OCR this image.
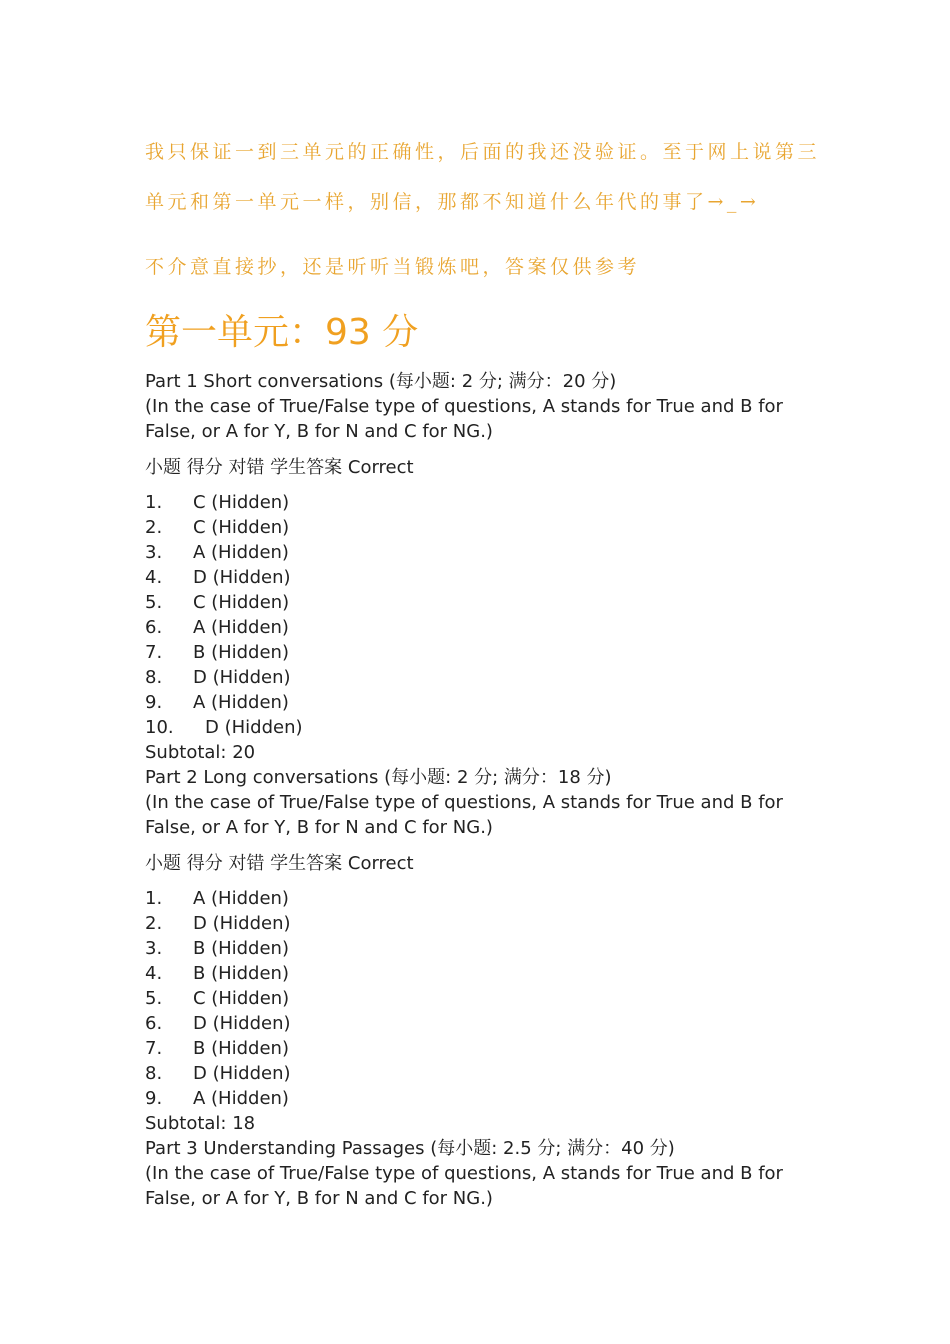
我只保证一到三单元的正确性，后面的我还没验证。至于网上说第三
单元和第一单元一样，别信，那都不知道什么年代的事了→_→
不介意直接抄，还是听听当锻炼吧，答案仅供参考
第一单元：93 分

Part 1 Short conversations (每小题: 2 分; 满分：20 分)

(In the case of True/False type of questions, A stands for True and B for False, or A for Y, B for N and C for NG.)

小题 得分 对错 学生答案 Correct

1.	C (Hidden)
2.	C (Hidden)
3.	A (Hidden)
4.	D (Hidden)
5.	C (Hidden)
6.	A (Hidden)
7.	B (Hidden)
8.	D (Hidden)
9.	A (Hidden)
10.	D (Hidden)

Subtotal: 20

Part 2 Long conversations (每小题: 2 分; 满分：18 分)

(In the case of True/False type of questions, A stands for True and B for False, or A for Y, B for N and C for NG.)

小题 得分 对错 学生答案 Correct

1.	A (Hidden)
2.	D (Hidden)
3.	B (Hidden)
4.	B (Hidden)
5.	C (Hidden)
6.	D (Hidden)
7.	B (Hidden)
8.	D (Hidden)
9.	A (Hidden)

Subtotal: 18

Part 3 Understanding Passages (每小题: 2.5 分; 满分：40 分)

(In the case of True/False type of questions, A stands for True and B for False, or A for Y, B for N and C for NG.)
